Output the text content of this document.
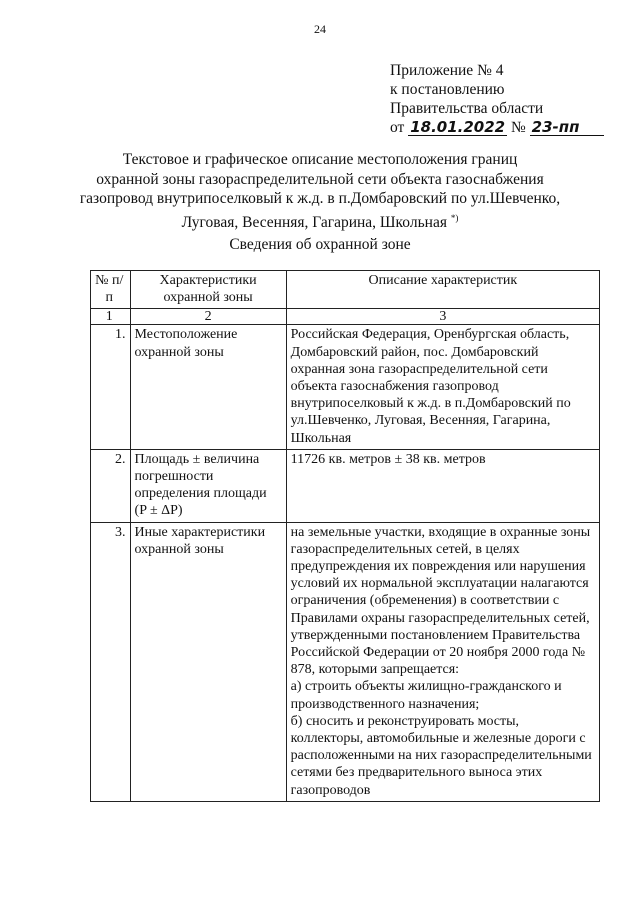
24
Приложение № 4
к постановлению
Правительства области
от 18.01.2022 № 23-пп
Текстовое и графическое описание местоположения границ
охранной зоны газораспределительной сети объекта газоснабжения
газопровод внутрипоселковый к ж.д. в п.Домбаровский по ул.Шевченко,
Луговая, Весенняя, Гагарина, Школьная *)
Сведения об охранной зоне
№ п/п	Характеристики охранной зоны	Описание характеристик
1	2	3
1.	Местоположение охранной зоны	Российская Федерация, Оренбургская область, Домбаровский район, пос. Домбаровский охранная зона газораспределительной сети объекта газоснабжения газопровод внутрипоселковый к ж.д. в п.Домбаровский по ул.Шевченко, Луговая, Весенняя, Гагарина, Школьная
2.	Площадь ± величина погрешности определения площади (P ± ΔP)	11726 кв. метров ± 38 кв. метров
3.	Иные характеристики охранной зоны	на земельные участки, входящие в охранные зоны газораспределительных сетей, в целях предупреждения их повреждения или нарушения условий их нормальной эксплуатации налагаются ограничения (обременения) в соответствии с Правилами охраны газораспределительных сетей, утвержденными постановлением Правительства Российской Федерации от 20 ноября 2000 года № 878, которыми запрещается:
а) строить объекты жилищно-гражданского и производственного назначения;
б) сносить и реконструировать мосты, коллекторы, автомобильные и железные дороги с расположенными на них газораспределительными сетями без предварительного выноса этих газопроводов
